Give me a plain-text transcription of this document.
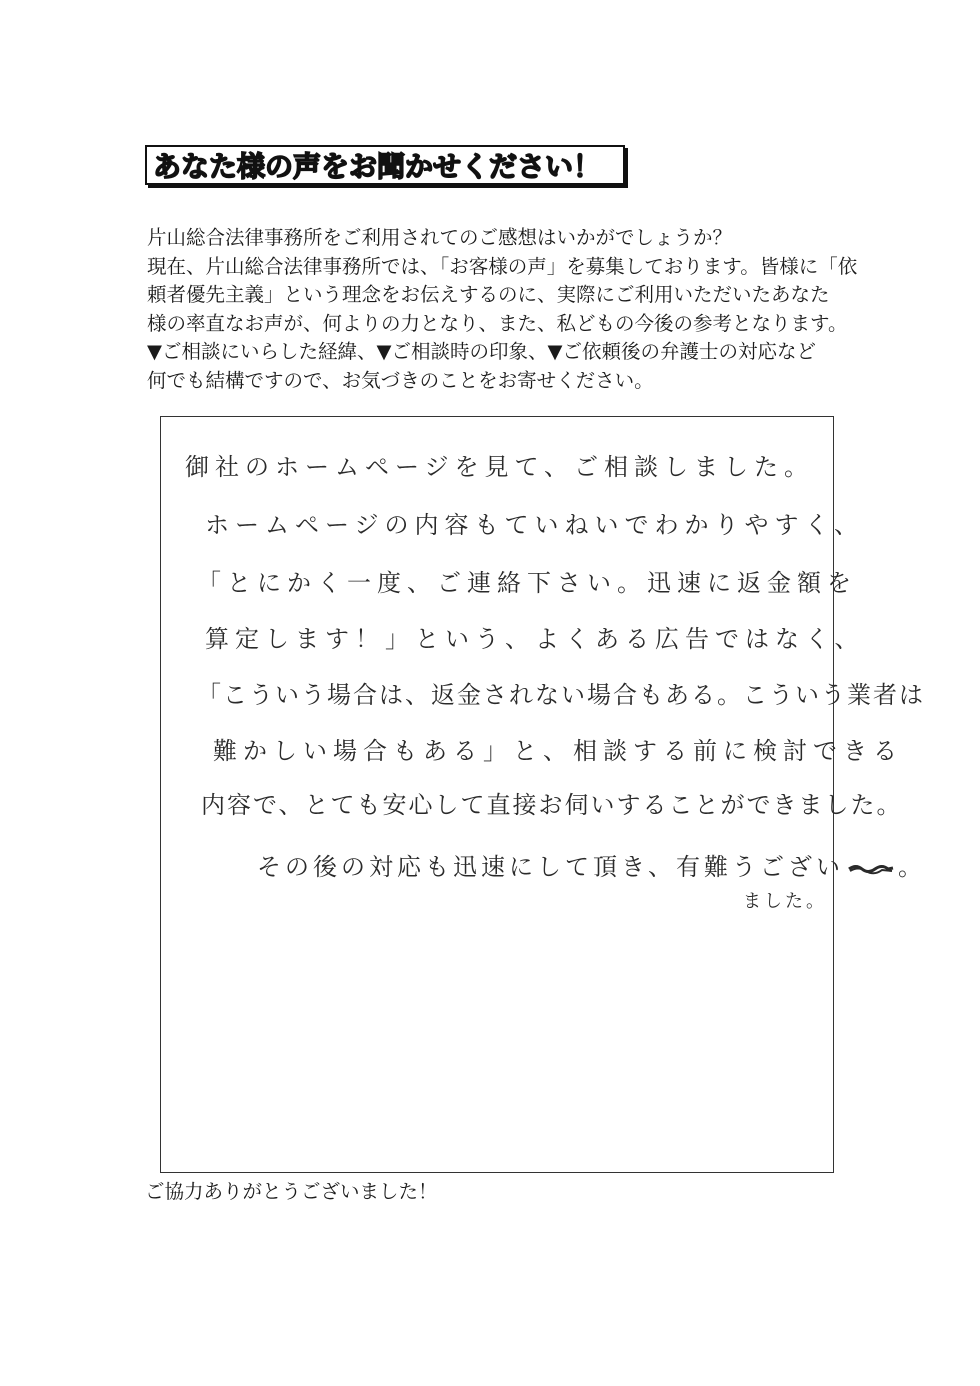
あなた様の声をお聞かせください！
片山総合法律事務所をご利用されてのご感想はいかがでしょうか？
現在、片山総合法律事務所では、「お客様の声」を募集しております。皆様に「依
頼者優先主義」という理念をお伝えするのに、実際にご利用いただいたあなた
様の率直なお声が、何よりの力となり、また、私どもの今後の参考となります。
▼ご相談にいらした経緯、▼ご相談時の印象、▼ご依頼後の弁護士の対応など
何でも結構ですので、お気づきのことをお寄せください。
御社のホームページを見て、ご相談しました。
ホームページの内容もていねいでわかりやすく、
「とにかく一度、ご連絡下さい。迅速に返金額を
算定します！」という、よくある広告ではなく、
「こういう場合は、返金されない場合もある。こういう業者は
難かしい場合もある」と、相談する前に検討できる
内容で、とても安心して直接お伺いすることができました。
その後の対応も迅速にして頂き、有難うござい 。
ました。
ご協力ありがとうございました！
